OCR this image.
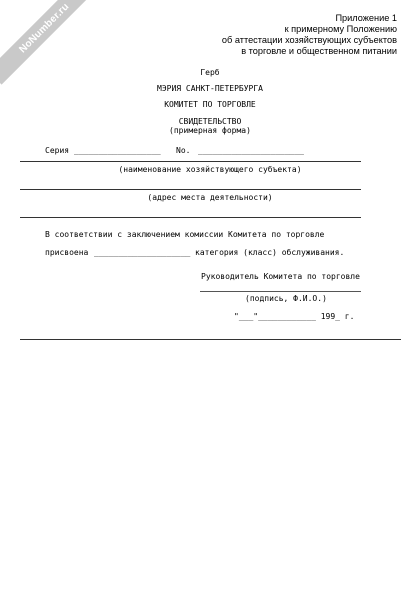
NoNumber.ru	Приложение 1
к примерному Положению
об аттестации хозяйствующих субъектов
в торговле и общественном питании
Герб
МЭРИЯ САНКТ-ПЕТЕРБУРГА
КОМИТЕТ ПО ТОРГОВЛЕ
СВИДЕТЕЛЬСТВО
(примерная форма)
Серия __________________ No. ______________________
(наименование хозяйствующего субъекта)
(адрес места деятельности)
В соответствии с заключением комиссии Комитета по торговле
присвоена ____________________ категория (класс) обслуживания.
Руководитель Комитета по торговле
(подпись, Ф.И.О.)
"___"____________ 199_ г.
